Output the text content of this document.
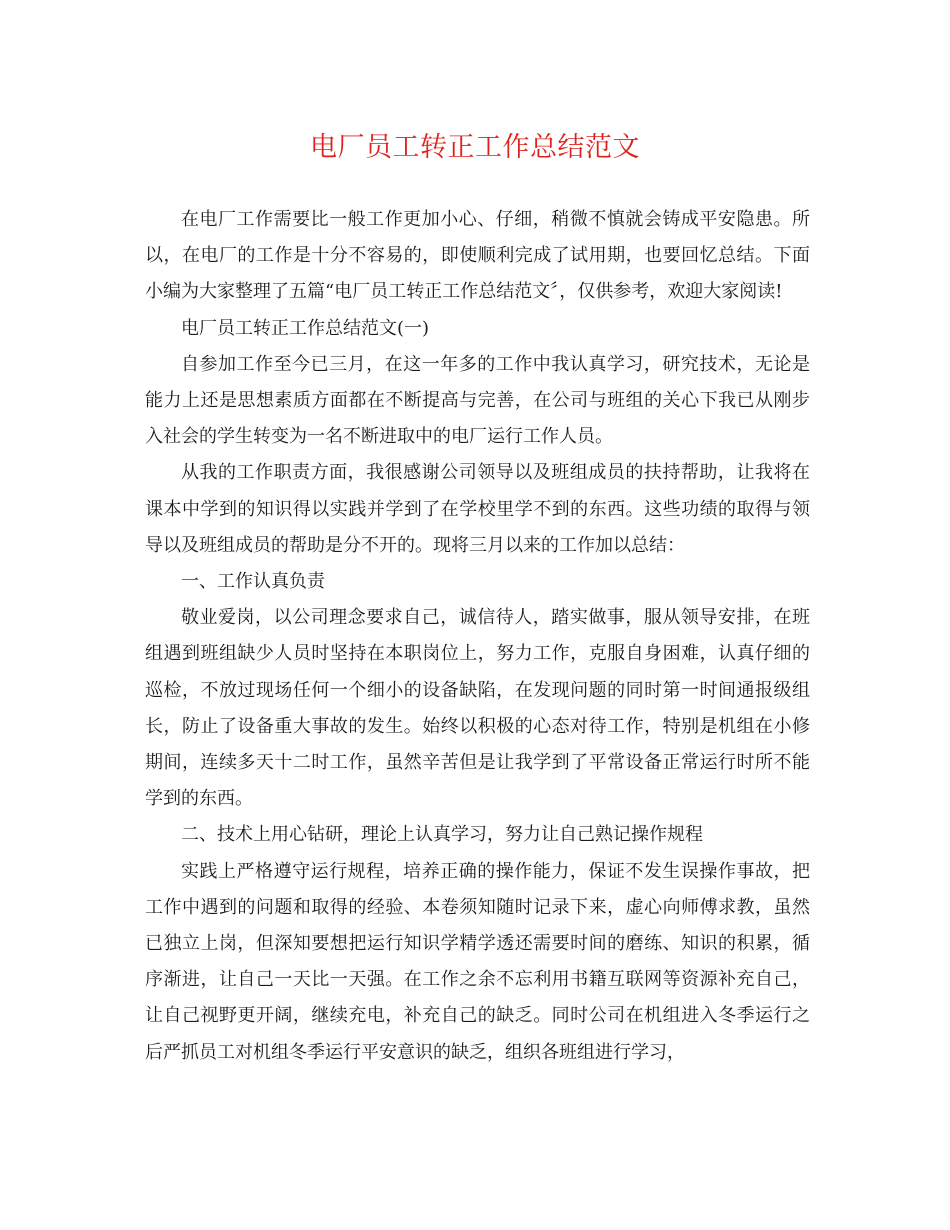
电厂员工转正工作总结范文

在电厂工作需要比一般工作更加小心、仔细，稍微不慎就会铸成平安隐患。所以，在电厂的工作是十分不容易的，即使顺利完成了试用期，也要回忆总结。下面小编为大家整理了五篇“电厂员工转正工作总结范文〞，仅供参考，欢迎大家阅读!

电厂员工转正工作总结范文(一)

自参加工作至今已三月，在这一年多的工作中我认真学习，研究技术，无论是能力上还是思想素质方面都在不断提高与完善，在公司与班组的关心下我已从刚步入社会的学生转变为一名不断进取中的电厂运行工作人员。

从我的工作职责方面，我很感谢公司领导以及班组成员的扶持帮助，让我将在课本中学到的知识得以实践并学到了在学校里学不到的东西。这些功绩的取得与领导以及班组成员的帮助是分不开的。现将三月以来的工作加以总结：

一、工作认真负责

敬业爱岗，以公司理念要求自己，诚信待人，踏实做事，服从领导安排，在班组遇到班组缺少人员时坚持在本职岗位上，努力工作，克服自身困难，认真仔细的巡检，不放过现场任何一个细小的设备缺陷，在发现问题的同时第一时间通报级组长，防止了设备重大事故的发生。始终以积极的心态对待工作，特别是机组在小修期间，连续多天十二时工作，虽然辛苦但是让我学到了平常设备正常运行时所不能学到的东西。

二、技术上用心钻研，理论上认真学习，努力让自己熟记操作规程

实践上严格遵守运行规程，培养正确的操作能力，保证不发生误操作事故，把工作中遇到的问题和取得的经验、本卷须知随时记录下来，虚心向师傅求教，虽然已独立上岗，但深知要想把运行知识学精学透还需要时间的磨练、知识的积累，循序渐进，让自己一天比一天强。在工作之余不忘利用书籍互联网等资源补充自己，让自己视野更开阔，继续充电，补充自己的缺乏。同时公司在机组进入冬季运行之后严抓员工对机组冬季运行平安意识的缺乏，组织各班组进行学习，
